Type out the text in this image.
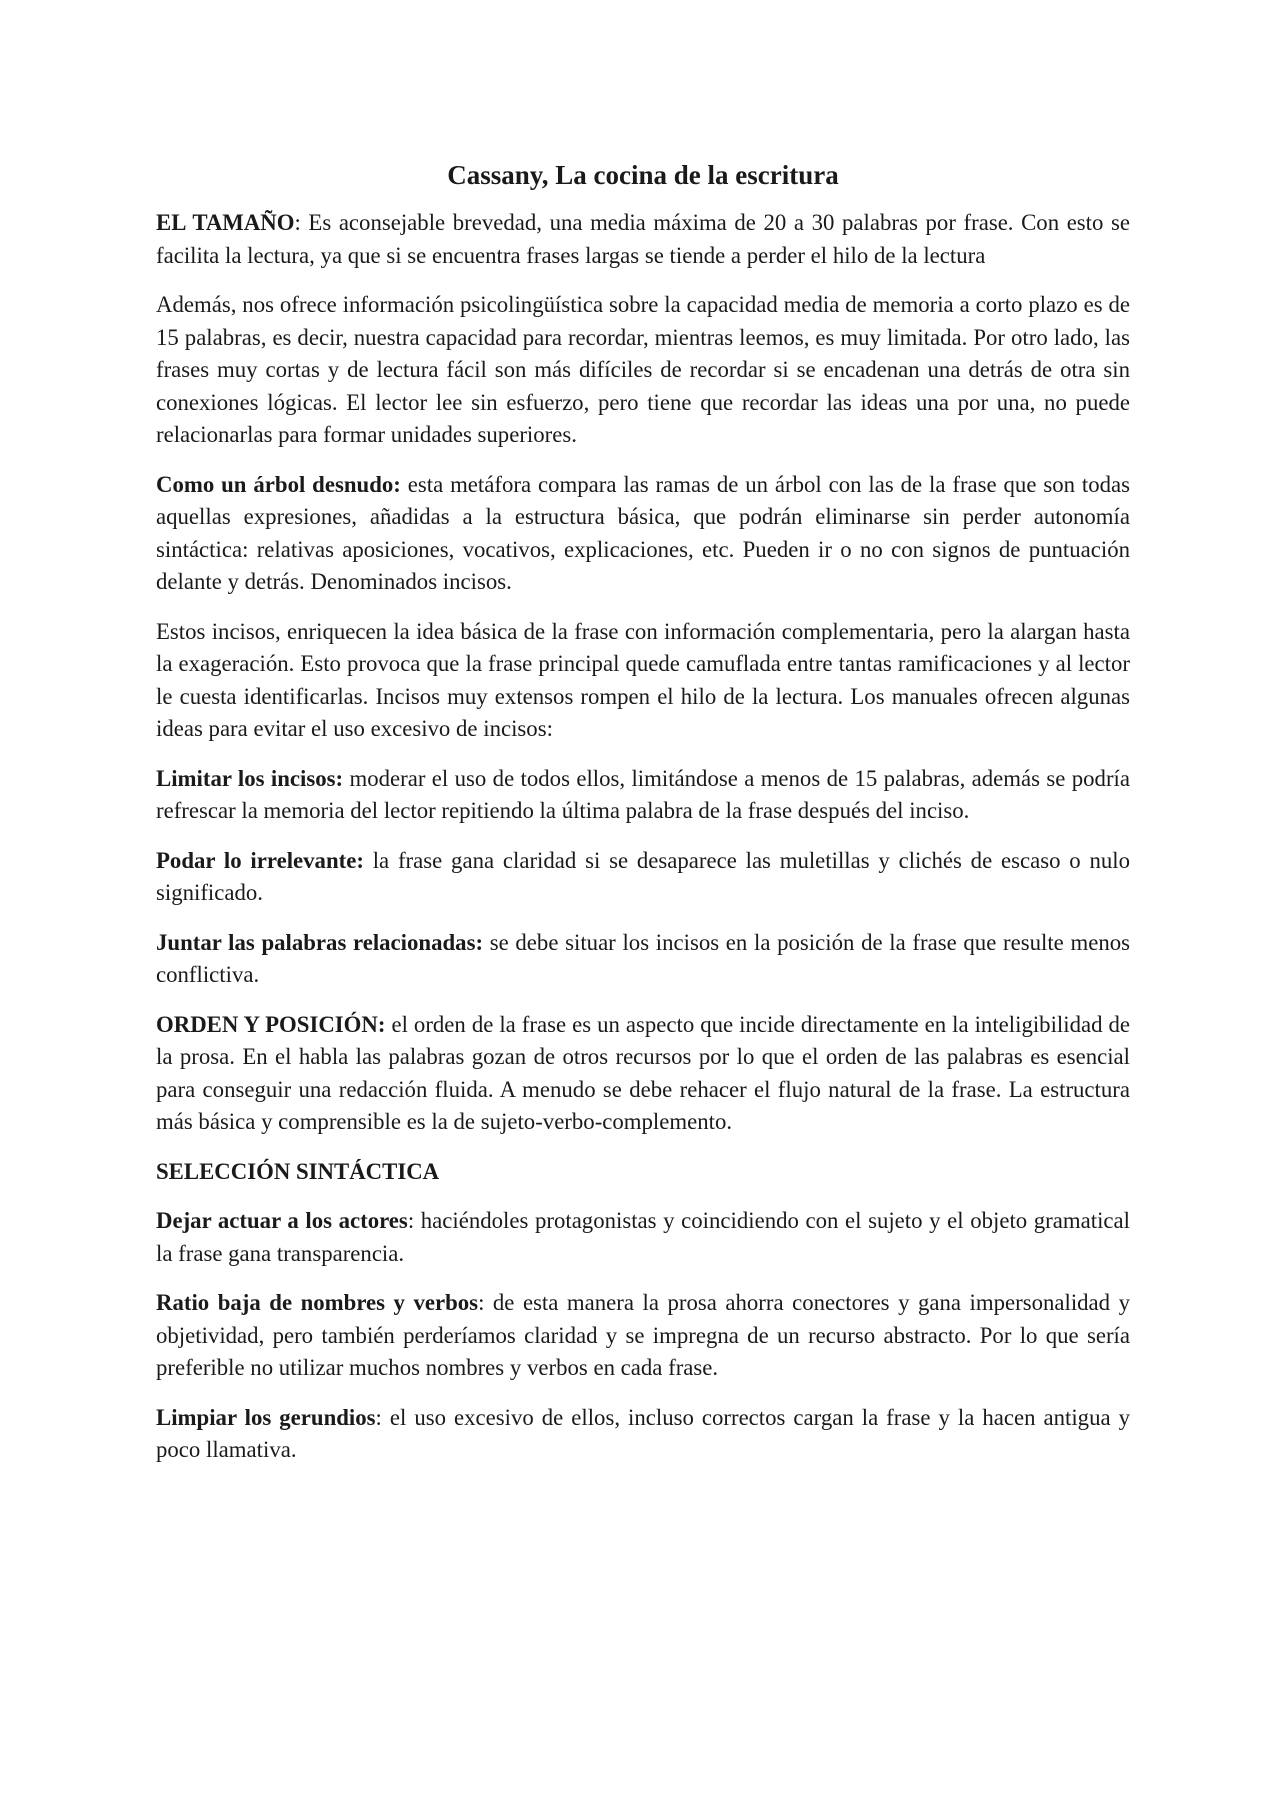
Cassany, La cocina de la escritura

EL TAMAÑO: Es aconsejable brevedad, una media máxima de 20 a 30 palabras por frase. Con esto se facilita la lectura, ya que si se encuentra frases largas se tiende a perder el hilo de la lectura

Además, nos ofrece información psicolingüística sobre la capacidad media de memoria a corto plazo es de 15 palabras, es decir, nuestra capacidad para recordar, mientras leemos, es muy limitada. Por otro lado, las frases muy cortas y de lectura fácil son más difíciles de recordar si se encadenan una detrás de otra sin conexiones lógicas. El lector lee sin esfuerzo, pero tiene que recordar las ideas una por una, no puede relacionarlas para formar unidades superiores.

Como un árbol desnudo: esta metáfora compara las ramas de un árbol con las de la frase que son todas aquellas expresiones, añadidas a la estructura básica, que podrán eliminarse sin perder autonomía sintáctica: relativas aposiciones, vocativos, explicaciones, etc. Pueden ir o no con signos de puntuación delante y detrás. Denominados incisos.

Estos incisos, enriquecen la idea básica de la frase con información complementaria, pero la alargan hasta la exageración. Esto provoca que la frase principal quede camuflada entre tantas ramificaciones y al lector le cuesta identificarlas. Incisos muy extensos rompen el hilo de la lectura. Los manuales ofrecen algunas ideas para evitar el uso excesivo de incisos:

Limitar los incisos: moderar el uso de todos ellos, limitándose a menos de 15 palabras, además se podría refrescar la memoria del lector repitiendo la última palabra de la frase después del inciso.

Podar lo irrelevante: la frase gana claridad si se desaparece las muletillas y clichés de escaso o nulo significado.

Juntar las palabras relacionadas: se debe situar los incisos en la posición de la frase que resulte menos conflictiva.

ORDEN Y POSICIÓN: el orden de la frase es un aspecto que incide directamente en la inteligibilidad de la prosa. En el habla las palabras gozan de otros recursos por lo que el orden de las palabras es esencial para conseguir una redacción fluida. A menudo se debe rehacer el flujo natural de la frase. La estructura más básica y comprensible es la de sujeto-verbo-complemento.

SELECCIÓN SINTÁCTICA

Dejar actuar a los actores: haciéndoles protagonistas y coincidiendo con el sujeto y el objeto gramatical la frase gana transparencia.

Ratio baja de nombres y verbos: de esta manera la prosa ahorra conectores y gana impersonalidad y objetividad, pero también perderíamos claridad y se impregna de un recurso abstracto. Por lo que sería preferible no utilizar muchos nombres y verbos en cada frase.

Limpiar los gerundios: el uso excesivo de ellos, incluso correctos cargan la frase y la hacen antigua y poco llamativa.
